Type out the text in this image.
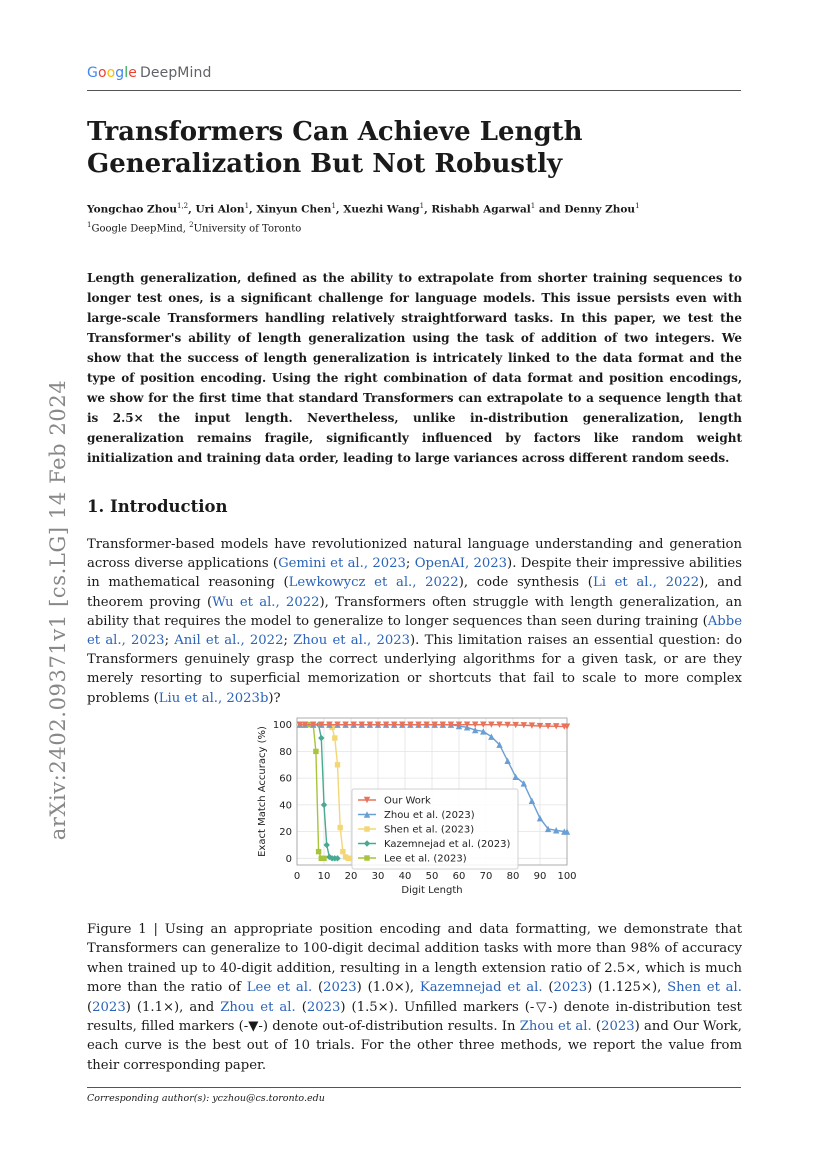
Google DeepMind
Transformers Can Achieve Length Generalization But Not Robustly
Yongchao Zhou$^{1,2}$, Uri Alon$^1$, Xinyun Chen$^1$, Xuezhi Wang$^1$, Rishabh Agarwal$^1$ and Denny Zhou$^1$
$^1$Google DeepMind, $^2$University of Toronto

Length generalization, defined as the ability to extrapolate from shorter training sequences to longer test ones, is a significant challenge for language models. This issue persists even with large-scale Transformers handling relatively straightforward tasks. In this paper, we test the Transformer's ability of length generalization using the task of addition of two integers. We show that the success of length generalization is intricately linked to the data format and the type of position encoding. Using the right combination of data format and position encodings, we show for the first time that standard Transformers can extrapolate to a sequence length that is 2.5× the input length. Nevertheless, unlike in-distribution generalization, length generalization remains fragile, significantly influenced by factors like random weight initialization and training data order, leading to large variances across different random seeds.

arXiv:2402.09371v1 [cs.LG] 14 Feb 2024 1. Introduction

Transformer-based models have revolutionized natural language understanding and generation across diverse applications (Gemini et al., 2023; OpenAI, 2023). Despite their impressive abilities in mathematical reasoning (Lewkowycz et al., 2022), code synthesis (Li et al., 2022), and theorem proving (Wu et al., 2022), Transformers often struggle with length generalization, an ability that requires the model to generalize to longer sequences than seen during training (Abbe et al., 2023; Anil et al., 2022; Zhou et al., 2023). This limitation raises an essential question: do Transformers genuinely grasp the correct underlying algorithms for a given task, or are they merely resorting to superficial memorization or shortcuts that fail to scale to more complex problems (Liu et al., 2023b)?

0 10 20 30 40 50 60 70 80 90 100
0
20
40
60
80
100
Digit Length
Exact Match Accuracy (%)	Our Work
Zhou et al. (2023)
Shen et al. (2023)
Kazemnejad et al. (2023)
Lee et al. (2023)

Figure 1 | Using an appropriate position encoding and data formatting, we demonstrate that Transformers can generalize to 100-digit decimal addition tasks with more than 98% of accuracy when trained up to 40-digit addition, resulting in a length extension ratio of 2.5×, which is much more than the ratio of Lee et al. (2023) (1.0×), Kazemnejad et al. (2023) (1.125×), Shen et al. (2023) (1.1×), and Zhou et al. (2023) (1.5×). Unfilled markers (-▽-) denote in-distribution test results, filled markers (-▼-) denote out-of-distribution results. In Zhou et al. (2023) and Our Work, each curve is the best out of 10 trials. For the other three methods, we report the value from their corresponding paper.

Corresponding author(s): yczhou@cs.toronto.edu
